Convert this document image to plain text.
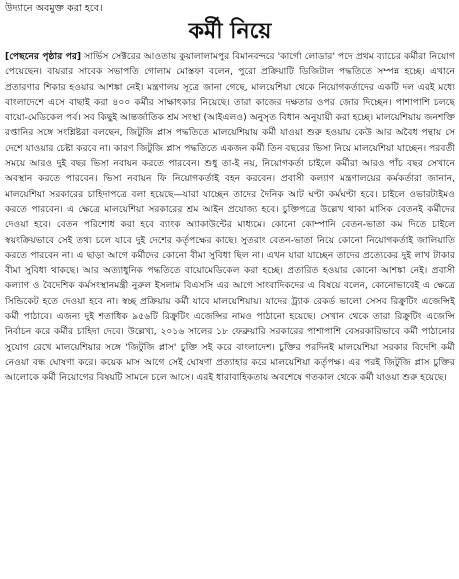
উদ্যানে অবমুক্ত করা হবে।
কর্মী নিয়ে
[পেছনের পৃষ্ঠার পর] সার্ভিস সেক্টরের আওতায় কুয়ালালামপুর বিমানবন্দরে 'কার্গো লোডার' পদে প্রথম ব্যাচের কর্মীরা নিয়োগ পেয়েছেন। বায়রার সাবেক সভাপতি গোলাম মোস্তফা বলেন, পুরো প্রক্রিয়াটি ডিজিটাল পদ্ধতিতে সম্পন্ন হচ্ছে। এখানে প্রতারণার শিকার হওয়ার আশঙ্কা নেই। মন্ত্রণালয় সূত্রে জানা গেছে, মালয়েশিয়া থেকে নিয়োগকর্তাদের একটি দল এরই মধ্যে বাংলাদেশে এসে বাছাই করা ৪০০ কর্মীর সাক্ষাৎকার নিয়েছে। তারা কাজের দক্ষতার ওপর জোর দিচ্ছেন। পাশাপাশি চলছে বায়ো-মেডিকেল পর্ব। সব কিছুই আন্তর্জাতিক শ্রম সংস্থা (আইএলও) অনুসৃত বিধান অনুযায়ী করা হচ্ছে। মালয়েশিয়ায় জনশক্তি রপ্তানির সঙ্গে সংশ্লিষ্টরা বলছেন, জিটুজি প্লাস পদ্ধতিতে মালয়েশিয়ায় কর্মী যাওয়া শুরু হওয়ায় কেউ আর অবৈধ পন্থায় সে দেশে যাওয়ার চেষ্টা করবে না। কারণ জিটুজি প্লাস পদ্ধতিতে একজন কর্মী তিন বছরের ভিসা নিয়ে মালয়েশিয়া যাচ্ছেন। পরবর্তী সময়ে আরও দুই বছর ভিসা নবায়ন করতে পারবেন। শুধু তা-ই নয়, নিয়োগকর্তা চাইলে কর্মীরা আরও পাঁচ বছর সেখানে অবস্থান করতে পারবেন। ভিসা নবায়ন ফি নিয়োগকর্তাই বহন করবেন। প্রবাসী কল্যাণ মন্ত্রণালয়ের কর্মকর্তারা জানান, মালয়েশিয়া সরকারের চাহিদাপত্রে বলা হয়েছে—যারা যাচ্ছেন তাদের দৈনিক আট ঘণ্টা কর্মঘণ্টা হবে। চাইলে ওভারটাইমও করতে পারবেন। এ ক্ষেত্রে মালয়েশিয়া সরকারের শ্রম আইন প্রযোজ্য হবে। চুক্তিপত্রে উল্লেখ থাকা মাসিক বেতনই কর্মীদের দেওয়া হবে। বেতন পরিশোধ করা হবে ব্যাংক অ্যাকাউন্টের মাধ্যমে। কোনো কোম্পানি বেতন-ভাতা কম দিতে চাইলে স্বয়ংক্রিয়ভাবে সেই তথ্য চলে যাবে দুই দেশের কর্তৃপক্ষের কাছে। সুতরাং বেতন-ভাতা নিয়ে কোনো নিয়োগকর্তাই জালিয়াতি করতে পারবেন না। এ ছাড়া আগে কর্মীদের কোনো বীমা সুবিধা ছিল না। এখন যারা যাচ্ছেন তাদের প্রত্যেকের দুই লাখ টাকার বীমা সুবিধা থাকছে। আর অত্যাধুনিক পদ্ধতিতে বায়োমেডিকেল করা হচ্ছে। প্রতারিত হওয়ার কোনো আশঙ্কা নেই। প্রবাসী কল্যাণ ও বৈদেশিক কর্মসংস্থানমন্ত্রী নুরুল ইসলাম বিএসসি এর আগে সাংবাদিকদের এ বিষয়ে বলেন, কোনোভাবেই এ ক্ষেত্রে সিন্ডিকেট হতে দেওয়া হবে না। স্বচ্ছ প্রক্রিয়ায় কর্মী যাবে মালয়েশিয়ায়। যাদের ট্র্যাক রেকর্ড ভালো সেসব রিক্রুটিং এজেন্সিই কর্মী পাঠাবে। এজন্য দুই শতাধিক ৯৫৬টি রিক্রুটিং এজেন্সির নামও পাঠানো হয়েছে। সেখান থেকে তারা রিক্রুটিং এজেন্সি নির্বাচন করে কর্মীর চাহিদা দেবে। উল্লেখ্য, ২০১৬ সালের ১৮ ফেব্রুয়ারি সরকারের পাশাপাশি বেসরকারিভাবে কর্মী পাঠানোর সুযোগ রেখে মালয়েশিয়ার সঙ্গে 'জিটুজি প্লাস' চুক্তি সই করে বাংলাদেশ। চুক্তির পরদিনই মালয়েশিয়া সরকার বিদেশি কর্মী নেওয়া বন্ধ ঘোষণা করে। কয়েক মাস আগে সেই ঘোষণা প্রত্যাহার করে মালয়েশিয়া কর্তৃপক্ষ। এর পরই জিটুজি প্লাস চুক্তির আলোকে কর্মী নিয়োগের বিষয়টি সামনে চলে আসে। এরই ধারাবাহিকতায় অবশেষে গতকাল থেকে কর্মী যাওয়া শুরু হয়েছে।
